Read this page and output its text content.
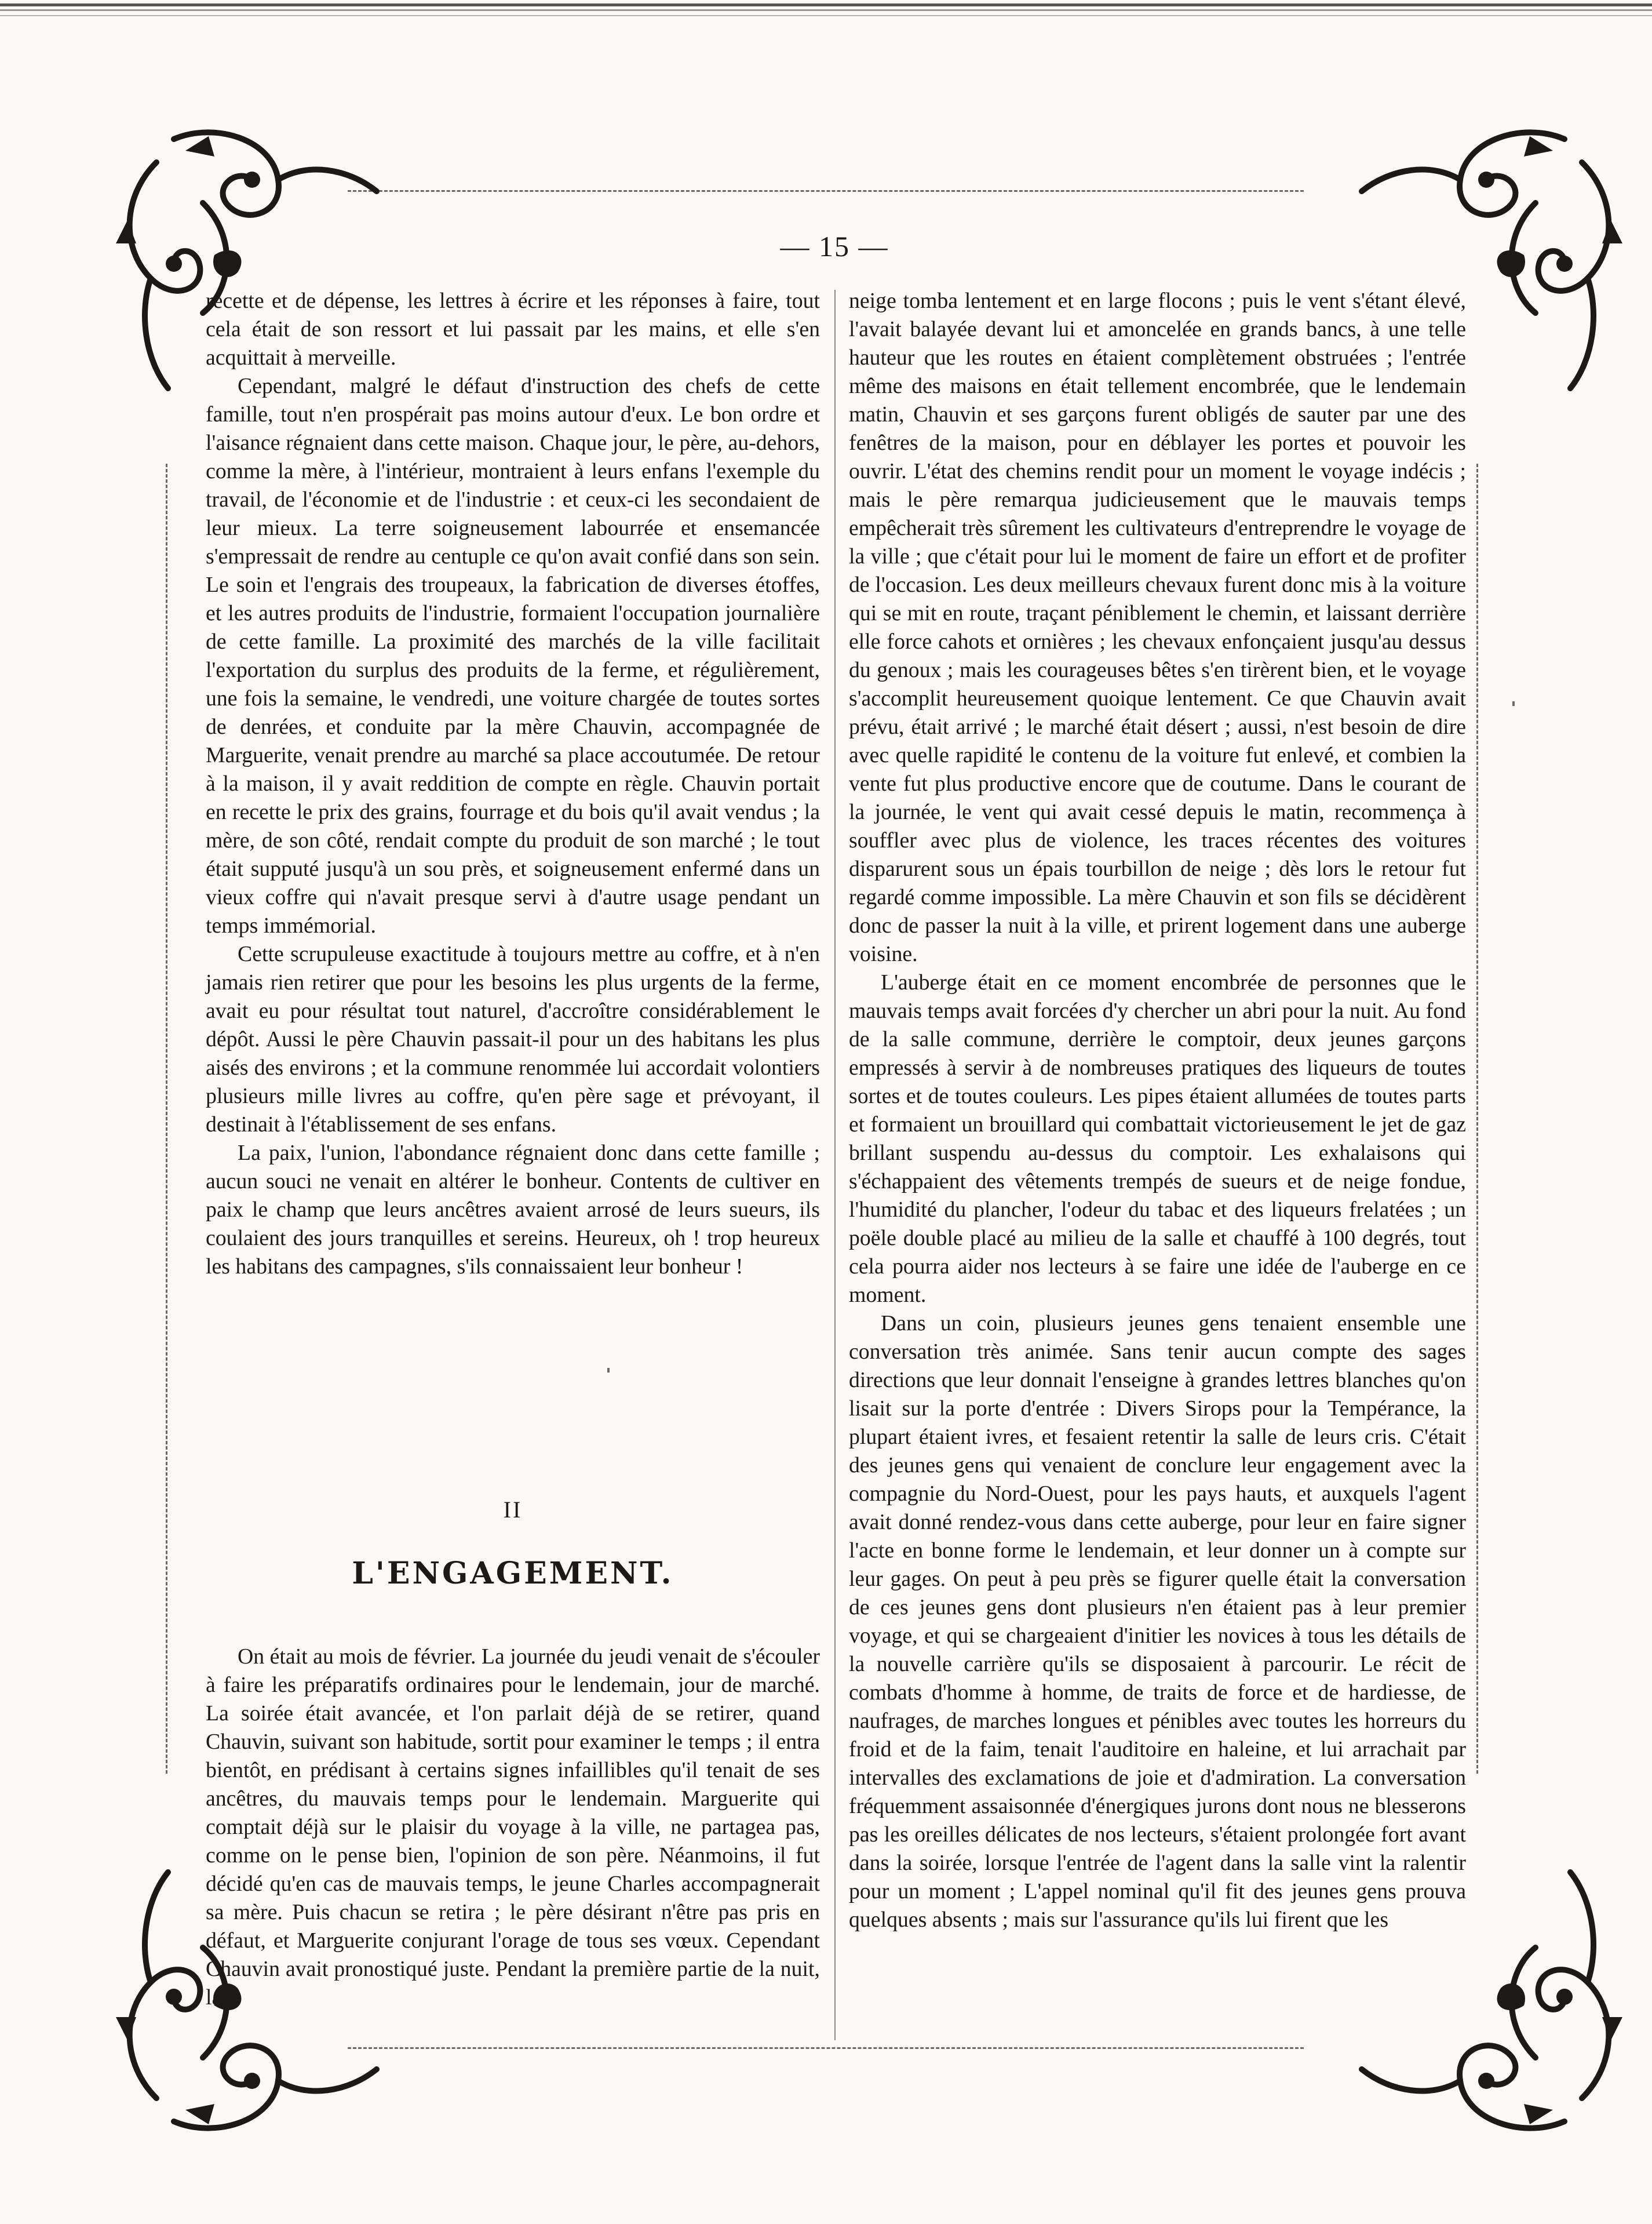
— 15 —

recette et de dépense, les lettres à écrire et les réponses à faire, tout cela était de son ressort et lui passait par les mains, et elle s'en acquittait à merveille.

Cependant, malgré le défaut d'instruction des chefs de cette famille, tout n'en prospérait pas moins autour d'eux. Le bon ordre et l'aisance régnaient dans cette maison. Chaque jour, le père, au-dehors, comme la mère, à l'intérieur, montraient à leurs enfans l'exemple du travail, de l'économie et de l'industrie : et ceux-ci les secondaient de leur mieux. La terre soigneusement labourrée et ensemancée s'empressait de rendre au centuple ce qu'on avait confié dans son sein. Le soin et l'engrais des troupeaux, la fabrication de diverses étoffes, et les autres produits de l'industrie, formaient l'occupation journalière de cette famille. La proximité des marchés de la ville facilitait l'exportation du surplus des produits de la ferme, et régulièrement, une fois la semaine, le vendredi, une voiture chargée de toutes sortes de denrées, et conduite par la mère Chauvin, accompagnée de Marguerite, venait prendre au marché sa place accoutumée. De retour à la maison, il y avait reddition de compte en règle. Chauvin portait en recette le prix des grains, fourrage et du bois qu'il avait vendus ; la mère, de son côté, rendait compte du produit de son marché ; le tout était supputé jusqu'à un sou près, et soigneusement enfermé dans un vieux coffre qui n'avait presque servi à d'autre usage pendant un temps immémorial.

Cette scrupuleuse exactitude à toujours mettre au coffre, et à n'en jamais rien retirer que pour les besoins les plus urgents de la ferme, avait eu pour résultat tout naturel, d'accroître considérablement le dépôt. Aussi le père Chauvin passait-il pour un des habitans les plus aisés des environs ; et la commune renommée lui accordait volontiers plusieurs mille livres au coffre, qu'en père sage et prévoyant, il destinait à l'établissement de ses enfans.

La paix, l'union, l'abondance régnaient donc dans cette famille ; aucun souci ne venait en altérer le bonheur. Contents de cultiver en paix le champ que leurs ancêtres avaient arrosé de leurs sueurs, ils coulaient des jours tranquilles et sereins. Heureux, oh ! trop heureux les habitans des campagnes, s'ils connaissaient leur bonheur !

II
L'ENGAGEMENT.

On était au mois de février. La journée du jeudi venait de s'écouler à faire les préparatifs ordinaires pour le lendemain, jour de marché. La soirée était avancée, et l'on parlait déjà de se retirer, quand Chauvin, suivant son habitude, sortit pour examiner le temps ; il entra bientôt, en prédisant à certains signes infaillibles qu'il tenait de ses ancêtres, du mauvais temps pour le lendemain. Marguerite qui comptait déjà sur le plaisir du voyage à la ville, ne partagea pas, comme on le pense bien, l'opinion de son père. Néanmoins, il fut décidé qu'en cas de mauvais temps, le jeune Charles accompagnerait sa mère. Puis chacun se retira ; le père désirant n'être pas pris en défaut, et Marguerite conjurant l'orage de tous ses vœux. Cependant Chauvin avait pronostiqué juste. Pendant la première partie de la nuit, la

neige tomba lentement et en large flocons ; puis le vent s'étant élevé, l'avait balayée devant lui et amoncelée en grands bancs, à une telle hauteur que les routes en étaient complètement obstruées ; l'entrée même des maisons en était tellement encombrée, que le lendemain matin, Chauvin et ses garçons furent obligés de sauter par une des fenêtres de la maison, pour en déblayer les portes et pouvoir les ouvrir. L'état des chemins rendit pour un moment le voyage indécis ; mais le père remarqua judicieusement que le mauvais temps empêcherait très sûrement les cultivateurs d'entreprendre le voyage de la ville ; que c'était pour lui le moment de faire un effort et de profiter de l'occasion. Les deux meilleurs chevaux furent donc mis à la voiture qui se mit en route, traçant péniblement le chemin, et laissant derrière elle force cahots et ornières ; les chevaux enfonçaient jusqu'au dessus du genoux ; mais les courageuses bêtes s'en tirèrent bien, et le voyage s'accomplit heureusement quoique lentement. Ce que Chauvin avait prévu, était arrivé ; le marché était désert ; aussi, n'est besoin de dire avec quelle rapidité le contenu de la voiture fut enlevé, et combien la vente fut plus productive encore que de coutume. Dans le courant de la journée, le vent qui avait cessé depuis le matin, recommença à souffler avec plus de violence, les traces récentes des voitures disparurent sous un épais tourbillon de neige ; dès lors le retour fut regardé comme impossible. La mère Chauvin et son fils se décidèrent donc de passer la nuit à la ville, et prirent logement dans une auberge voisine.

L'auberge était en ce moment encombrée de personnes que le mauvais temps avait forcées d'y chercher un abri pour la nuit. Au fond de la salle commune, derrière le comptoir, deux jeunes garçons empressés à servir à de nombreuses pratiques des liqueurs de toutes sortes et de toutes couleurs. Les pipes étaient allumées de toutes parts et formaient un brouillard qui combattait victorieusement le jet de gaz brillant suspendu au-dessus du comptoir. Les exhalaisons qui s'échappaient des vêtements trempés de sueurs et de neige fondue, l'humidité du plancher, l'odeur du tabac et des liqueurs frelatées ; un poële double placé au milieu de la salle et chauffé à 100 degrés, tout cela pourra aider nos lecteurs à se faire une idée de l'auberge en ce moment.

Dans un coin, plusieurs jeunes gens tenaient ensemble une conversation très animée. Sans tenir aucun compte des sages directions que leur donnait l'enseigne à grandes lettres blanches qu'on lisait sur la porte d'entrée : Divers Sirops pour la Tempérance, la plupart étaient ivres, et fesaient retentir la salle de leurs cris. C'était des jeunes gens qui venaient de conclure leur engagement avec la compagnie du Nord-Ouest, pour les pays hauts, et auxquels l'agent avait donné rendez-vous dans cette auberge, pour leur en faire signer l'acte en bonne forme le lendemain, et leur donner un à compte sur leur gages. On peut à peu près se figurer quelle était la conversation de ces jeunes gens dont plusieurs n'en étaient pas à leur premier voyage, et qui se chargeaient d'initier les novices à tous les détails de la nouvelle carrière qu'ils se disposaient à parcourir. Le récit de combats d'homme à homme, de traits de force et de hardiesse, de naufrages, de marches longues et pénibles avec toutes les horreurs du froid et de la faim, tenait l'auditoire en haleine, et lui arrachait par intervalles des exclamations de joie et d'admiration. La conversation fréquemment assaisonnée d'énergiques jurons dont nous ne blesserons pas les oreilles délicates de nos lecteurs, s'étaient prolongée fort avant dans la soirée, lorsque l'entrée de l'agent dans la salle vint la ralentir pour un moment ; L'appel nominal qu'il fit des jeunes gens prouva quelques absents ; mais sur l'assurance qu'ils lui firent que les
